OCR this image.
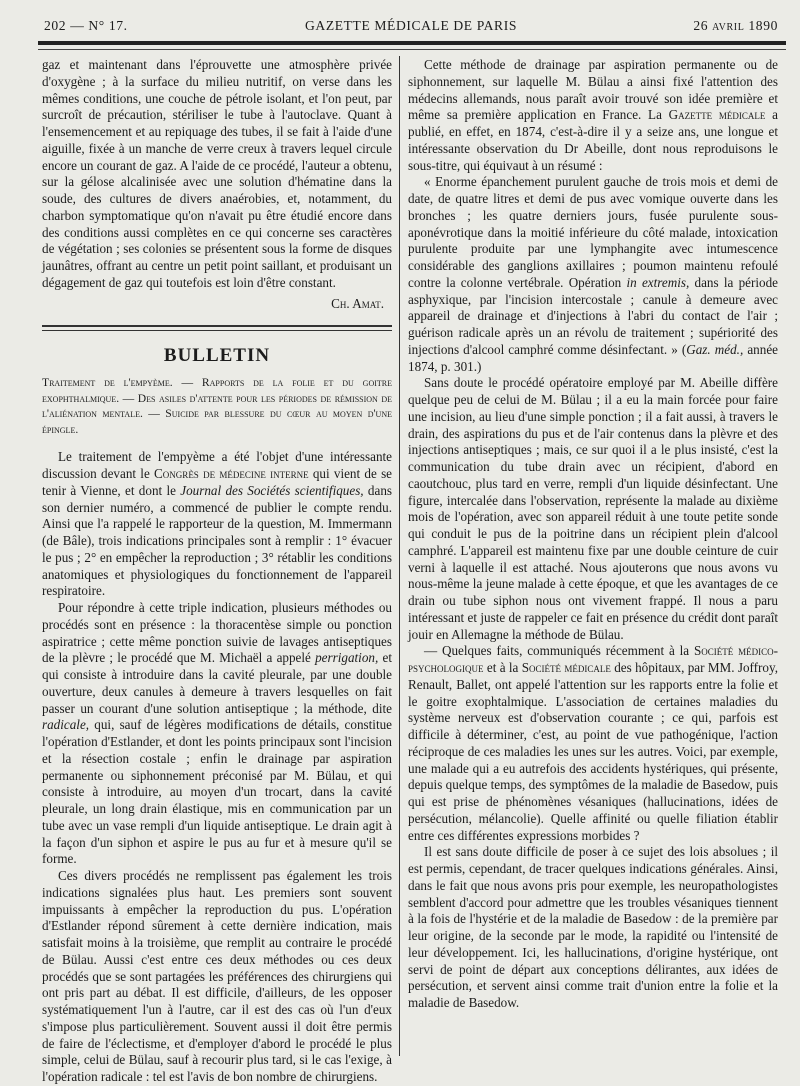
202 — N° 17.	GAZETTE MÉDICALE DE PARIS	26 avril 1890

gaz et maintenant dans l'éprouvette une atmosphère privée d'oxygène ; à la surface du milieu nutritif, on verse dans les mêmes conditions, une couche de pétrole isolant, et l'on peut, par surcroît de précaution, stériliser le tube à l'autoclave. Quant à l'ensemencement et au repiquage des tubes, il se fait à l'aide d'une aiguille, fixée à un manche de verre creux à travers lequel circule encore un courant de gaz. A l'aide de ce procédé, l'auteur a obtenu, sur la gélose alcalinisée avec une solution d'hématine dans la soude, des cultures de divers anaérobies, et, notamment, du charbon symptomatique qu'on n'avait pu être étudié encore dans des conditions aussi complètes en ce qui concerne ses caractères de végétation ; ses colonies se présentent sous la forme de disques jaunâtres, offrant au centre un petit point saillant, et produisant un dégagement de gaz qui toutefois est loin d'être constant.

Ch. Amat.
BULLETIN
Traitement de l'empyème. — Rapports de la folie et du goitre exophthalmique. — Des asiles d'attente pour les périodes de rémission de l'aliénation mentale. — Suicide par blessure du cœur au moyen d'une épingle.

Le traitement de l'empyème a été l'objet d'une intéressante discussion devant le Congrès de médecine interne qui vient de se tenir à Vienne, et dont le Journal des Sociétés scientifiques, dans son dernier numéro, a commencé de publier le compte rendu. Ainsi que l'a rappelé le rapporteur de la question, M. Immermann (de Bâle), trois indications principales sont à remplir : 1° évacuer le pus ; 2° en empêcher la reproduction ; 3° rétablir les conditions anatomiques et physiologiques du fonctionnement de l'appareil respiratoire.

Pour répondre à cette triple indication, plusieurs méthodes ou procédés sont en présence : la thoracentèse simple ou ponction aspiratrice ; cette même ponction suivie de lavages antiseptiques de la plèvre ; le procédé que M. Michaël a appelé perrigation, et qui consiste à introduire dans la cavité pleurale, par une double ouverture, deux canules à demeure à travers lesquelles on fait passer un courant d'une solution antiseptique ; la méthode, dite radicale, qui, sauf de légères modifications de détails, constitue l'opération d'Estlander, et dont les points principaux sont l'incision et la résection costale ; enfin le drainage par aspiration permanente ou siphonnement préconisé par M. Bülau, et qui consiste à introduire, au moyen d'un trocart, dans la cavité pleurale, un long drain élastique, mis en communication par un tube avec un vase rempli d'un liquide antiseptique. Le drain agit à la façon d'un siphon et aspire le pus au fur et à mesure qu'il se forme.

Ces divers procédés ne remplissent pas également les trois indications signalées plus haut. Les premiers sont souvent impuissants à empêcher la reproduction du pus. L'opération d'Estlander répond sûrement à cette dernière indication, mais satisfait moins à la troisième, que remplit au contraire le procédé de Bülau. Aussi c'est entre ces deux méthodes ou ces deux procédés que se sont partagées les préférences des chirurgiens qui ont pris part au débat. Il est difficile, d'ailleurs, de les opposer systématiquement l'un à l'autre, car il est des cas où l'un d'eux s'impose plus particulièrement. Souvent aussi il doit être permis de faire de l'éclectisme, et d'employer d'abord le procédé le plus simple, celui de Bülau, sauf à recourir plus tard, si le cas l'exige, à l'opération radicale : tel est l'avis de bon nombre de chirurgiens.

Cette méthode de drainage par aspiration permanente ou de siphonnement, sur laquelle M. Bülau a ainsi fixé l'attention des médecins allemands, nous paraît avoir trouvé son idée première et même sa première application en France. La Gazette médicale a publié, en effet, en 1874, c'est-à-dire il y a seize ans, une longue et intéressante observation du Dr Abeille, dont nous reproduisons le sous-titre, qui équivaut à un résumé :

« Enorme épanchement purulent gauche de trois mois et demi de date, de quatre litres et demi de pus avec vomique ouverte dans les bronches ; les quatre derniers jours, fusée purulente sous-aponévrotique dans la moitié inférieure du côté malade, intoxication purulente produite par une lymphangite avec intumescence considérable des ganglions axillaires ; poumon maintenu refoulé contre la colonne vertébrale. Opération in extremis, dans la période asphyxique, par l'incision intercostale ; canule à demeure avec appareil de drainage et d'injections à l'abri du contact de l'air ; guérison radicale après un an révolu de traitement ; supériorité des injections d'alcool camphré comme désinfectant. » (Gaz. méd., année 1874, p. 301.)

Sans doute le procédé opératoire employé par M. Abeille diffère quelque peu de celui de M. Bülau ; il a eu la main forcée pour faire une incision, au lieu d'une simple ponction ; il a fait aussi, à travers le drain, des aspirations du pus et de l'air contenus dans la plèvre et des injections antiseptiques ; mais, ce sur quoi il a le plus insisté, c'est la communication du tube drain avec un récipient, d'abord en caoutchouc, plus tard en verre, rempli d'un liquide désinfectant. Une figure, intercalée dans l'observation, représente la malade au dixième mois de l'opération, avec son appareil réduit à une toute petite sonde qui conduit le pus de la poitrine dans un récipient plein d'alcool camphré. L'appareil est maintenu fixe par une double ceinture de cuir verni à laquelle il est attaché. Nous ajouterons que nous avons vu nous-même la jeune malade à cette époque, et que les avantages de ce drain ou tube siphon nous ont vivement frappé. Il nous a paru intéressant et juste de rappeler ce fait en présence du crédit dont paraît jouir en Allemagne la méthode de Bülau.

— Quelques faits, communiqués récemment à la Société médico-psychologique et à la Société médicale des hôpitaux, par MM. Joffroy, Renault, Ballet, ont appelé l'attention sur les rapports entre la folie et le goitre exophtalmique. L'association de certaines maladies du système nerveux est d'observation courante ; ce qui, parfois est difficile à déterminer, c'est, au point de vue pathogénique, l'action réciproque de ces maladies les unes sur les autres. Voici, par exemple, une malade qui a eu autrefois des accidents hystériques, qui présente, depuis quelque temps, des symptômes de la maladie de Basedow, puis qui est prise de phénomènes vésaniques (hallucinations, idées de persécution, mélancolie). Quelle affinité ou quelle filiation établir entre ces différentes expressions morbides ?

Il est sans doute difficile de poser à ce sujet des lois absolues ; il est permis, cependant, de tracer quelques indications générales. Ainsi, dans le fait que nous avons pris pour exemple, les neuropathologistes semblent d'accord pour admettre que les troubles vésaniques tiennent à la fois de l'hystérie et de la maladie de Basedow : de la première par leur origine, de la seconde par le mode, la rapidité ou l'intensité de leur développement. Ici, les hallucinations, d'origine hystérique, ont servi de point de départ aux conceptions délirantes, aux idées de persécution, et servent ainsi comme trait d'union entre la folie et la maladie de Basedow.
